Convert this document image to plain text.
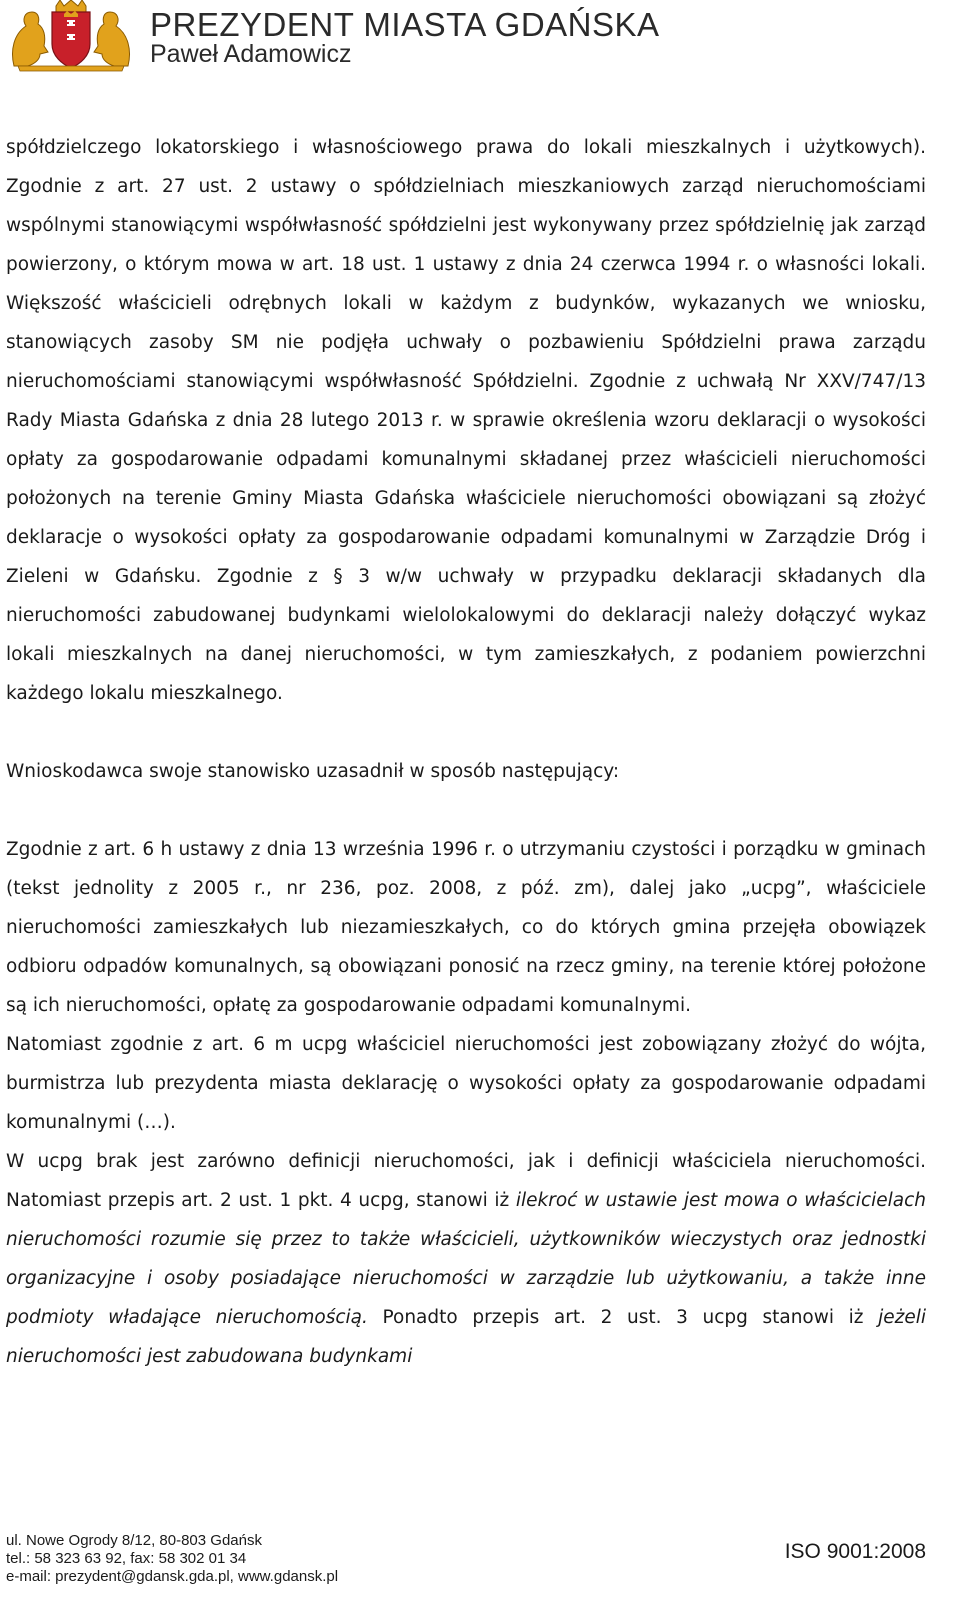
PREZYDENT MIASTA GDAŃSKA
Paweł Adamowicz

spółdzielczego lokatorskiego i własnościowego prawa do lokali mieszkalnych i użytkowych). Zgodnie z art. 27 ust. 2 ustawy o spółdzielniach mieszkaniowych zarząd nieruchomościami wspólnymi stanowiącymi współwłasność spółdzielni jest wykonywany przez spółdzielnię jak zarząd powierzony, o którym mowa w art. 18 ust. 1 ustawy z dnia 24 czerwca 1994 r. o własności lokali. Większość właścicieli odrębnych lokali w każdym z budynków, wykazanych we wniosku, stanowiących zasoby SM nie podjęła uchwały o pozbawieniu Spółdzielni prawa zarządu nieruchomościami stanowiącymi współwłasność Spółdzielni. Zgodnie z uchwałą Nr XXV/747/13 Rady Miasta Gdańska z dnia 28 lutego 2013 r. w sprawie określenia wzoru deklaracji o wysokości opłaty za gospodarowanie odpadami komunalnymi składanej przez właścicieli nieruchomości położonych na terenie Gminy Miasta Gdańska właściciele nieruchomości obowiązani są złożyć deklaracje o wysokości opłaty za gospodarowanie odpadami komunalnymi w Zarządzie Dróg i Zieleni w Gdańsku. Zgodnie z § 3 w/w uchwały w przypadku deklaracji składanych dla nieruchomości zabudowanej budynkami wielolokalowymi do deklaracji należy dołączyć wykaz lokali mieszkalnych na danej nieruchomości, w tym zamieszkałych, z podaniem powierzchni każdego lokalu mieszkalnego.

Wnioskodawca swoje stanowisko uzasadnił w sposób następujący:

Zgodnie z art. 6 h ustawy z dnia 13 września 1996 r. o utrzymaniu czystości i porządku w gminach (tekst jednolity z 2005 r., nr 236, poz. 2008, z póź. zm), dalej jako „ucpg”, właściciele nieruchomości zamieszkałych lub niezamieszkałych, co do których gmina przejęła obowiązek odbioru odpadów komunalnych, są obowiązani ponosić na rzecz gminy, na terenie której położone są ich nieruchomości, opłatę za gospodarowanie odpadami komunalnymi.

Natomiast zgodnie z art. 6 m ucpg właściciel nieruchomości jest zobowiązany złożyć do wójta, burmistrza lub prezydenta miasta deklarację o wysokości opłaty za gospodarowanie odpadami komunalnymi (…).

W ucpg brak jest zarówno definicji nieruchomości, jak i definicji właściciela nieruchomości. Natomiast przepis art. 2 ust. 1 pkt. 4 ucpg, stanowi iż ilekroć w ustawie jest mowa o właścicielach nieruchomości rozumie się przez to także właścicieli, użytkowników wieczystych oraz jednostki organizacyjne i osoby posiadające nieruchomości w zarządzie lub użytkowaniu, a także inne podmioty władające nieruchomością. Ponadto przepis art. 2 ust. 3 ucpg stanowi iż jeżeli nieruchomości jest zabudowana budynkami

ul. Nowe Ogrody 8/12, 80-803 Gdańsk
tel.: 58 323 63 92, fax: 58 302 01 34
e-mail: prezydent@gdansk.gda.pl, www.gdansk.pl
ISO 9001:2008
